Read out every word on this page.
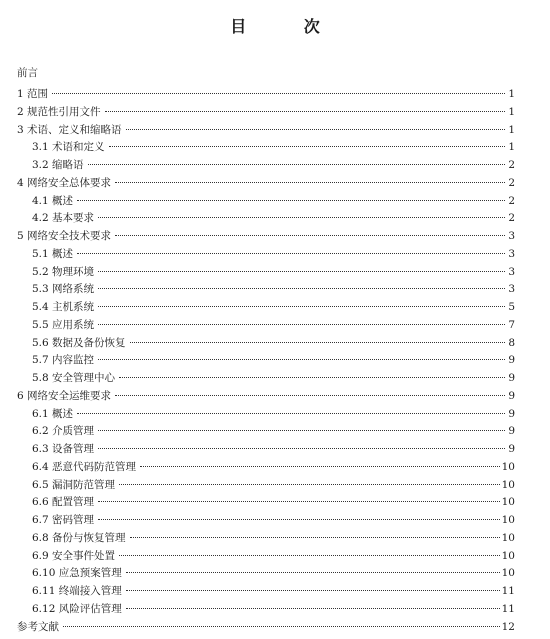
目 次
前言
1 范围	1
2 规范性引用文件	1
3 术语、定义和缩略语	1
3.1 术语和定义	1
3.2 缩略语	2
4 网络安全总体要求	2
4.1 概述	2
4.2 基本要求	2
5 网络安全技术要求	3
5.1 概述	3
5.2 物理环境	3
5.3 网络系统	3
5.4 主机系统	5
5.5 应用系统	7
5.6 数据及备份恢复	8
5.7 内容监控	9
5.8 安全管理中心	9
6 网络安全运维要求	9
6.1 概述	9
6.2 介质管理	9
6.3 设备管理	9
6.4 恶意代码防范管理	10
6.5 漏洞防范管理	10
6.6 配置管理	10
6.7 密码管理	10
6.8 备份与恢复管理	10
6.9 安全事件处置	10
6.10 应急预案管理	10
6.11 终端接入管理	11
6.12 风险评估管理	11
参考文献	12
